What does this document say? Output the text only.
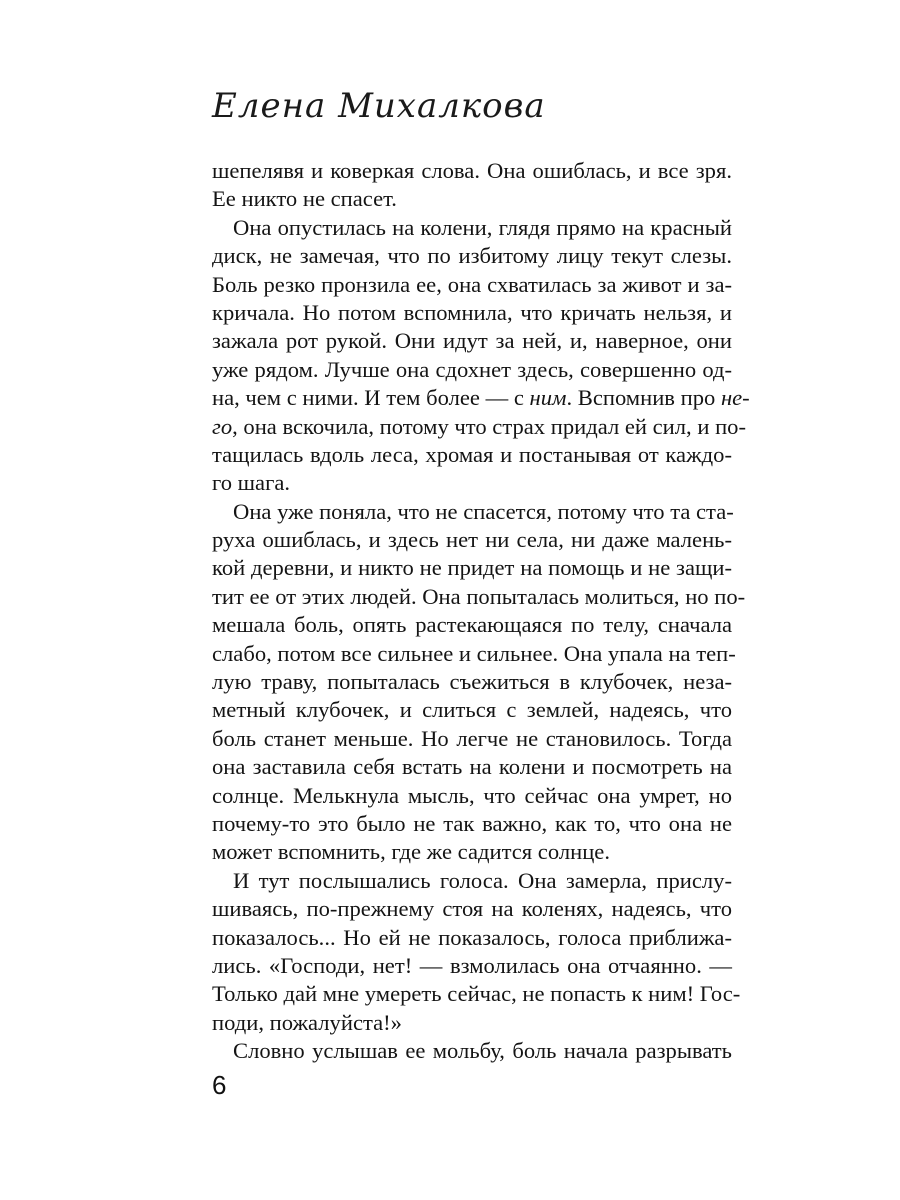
Елена Михалкова
шепелявя и коверкая слова. Она ошиблась, и все зря.
Ее никто не спасет.
Она опустилась на колени, глядя прямо на красный
диск, не замечая, что по избитому лицу текут слезы.
Боль резко пронзила ее, она схватилась за живот и за-
кричала. Но потом вспомнила, что кричать нельзя, и
зажала рот рукой. Они идут за ней, и, наверное, они
уже рядом. Лучше она сдохнет здесь, совершенно од-
на, чем с ними. И тем более — с ним. Вспомнив про не-
го, она вскочила, потому что страх придал ей сил, и по-
тащилась вдоль леса, хромая и постанывая от каждо-
го шага.
Она уже поняла, что не спасется, потому что та ста-
руха ошиблась, и здесь нет ни села, ни даже малень-
кой деревни, и никто не придет на помощь и не защи-
тит ее от этих людей. Она попыталась молиться, но по-
мешала боль, опять растекающаяся по телу, сначала
слабо, потом все сильнее и сильнее. Она упала на теп-
лую траву, попыталась съежиться в клубочек, неза-
метный клубочек, и слиться с землей, надеясь, что
боль станет меньше. Но легче не становилось. Тогда
она заставила себя встать на колени и посмотреть на
солнце. Мелькнула мысль, что сейчас она умрет, но
почему-то это было не так важно, как то, что она не
может вспомнить, где же садится солнце.
И тут послышались голоса. Она замерла, прислу-
шиваясь, по-прежнему стоя на коленях, надеясь, что
показалось... Но ей не показалось, голоса приближа-
лись. «Господи, нет! — взмолилась она отчаянно. —
Только дай мне умереть сейчас, не попасть к ним! Гос-
поди, пожалуйста!»
Словно услышав ее мольбу, боль начала разрывать
6
